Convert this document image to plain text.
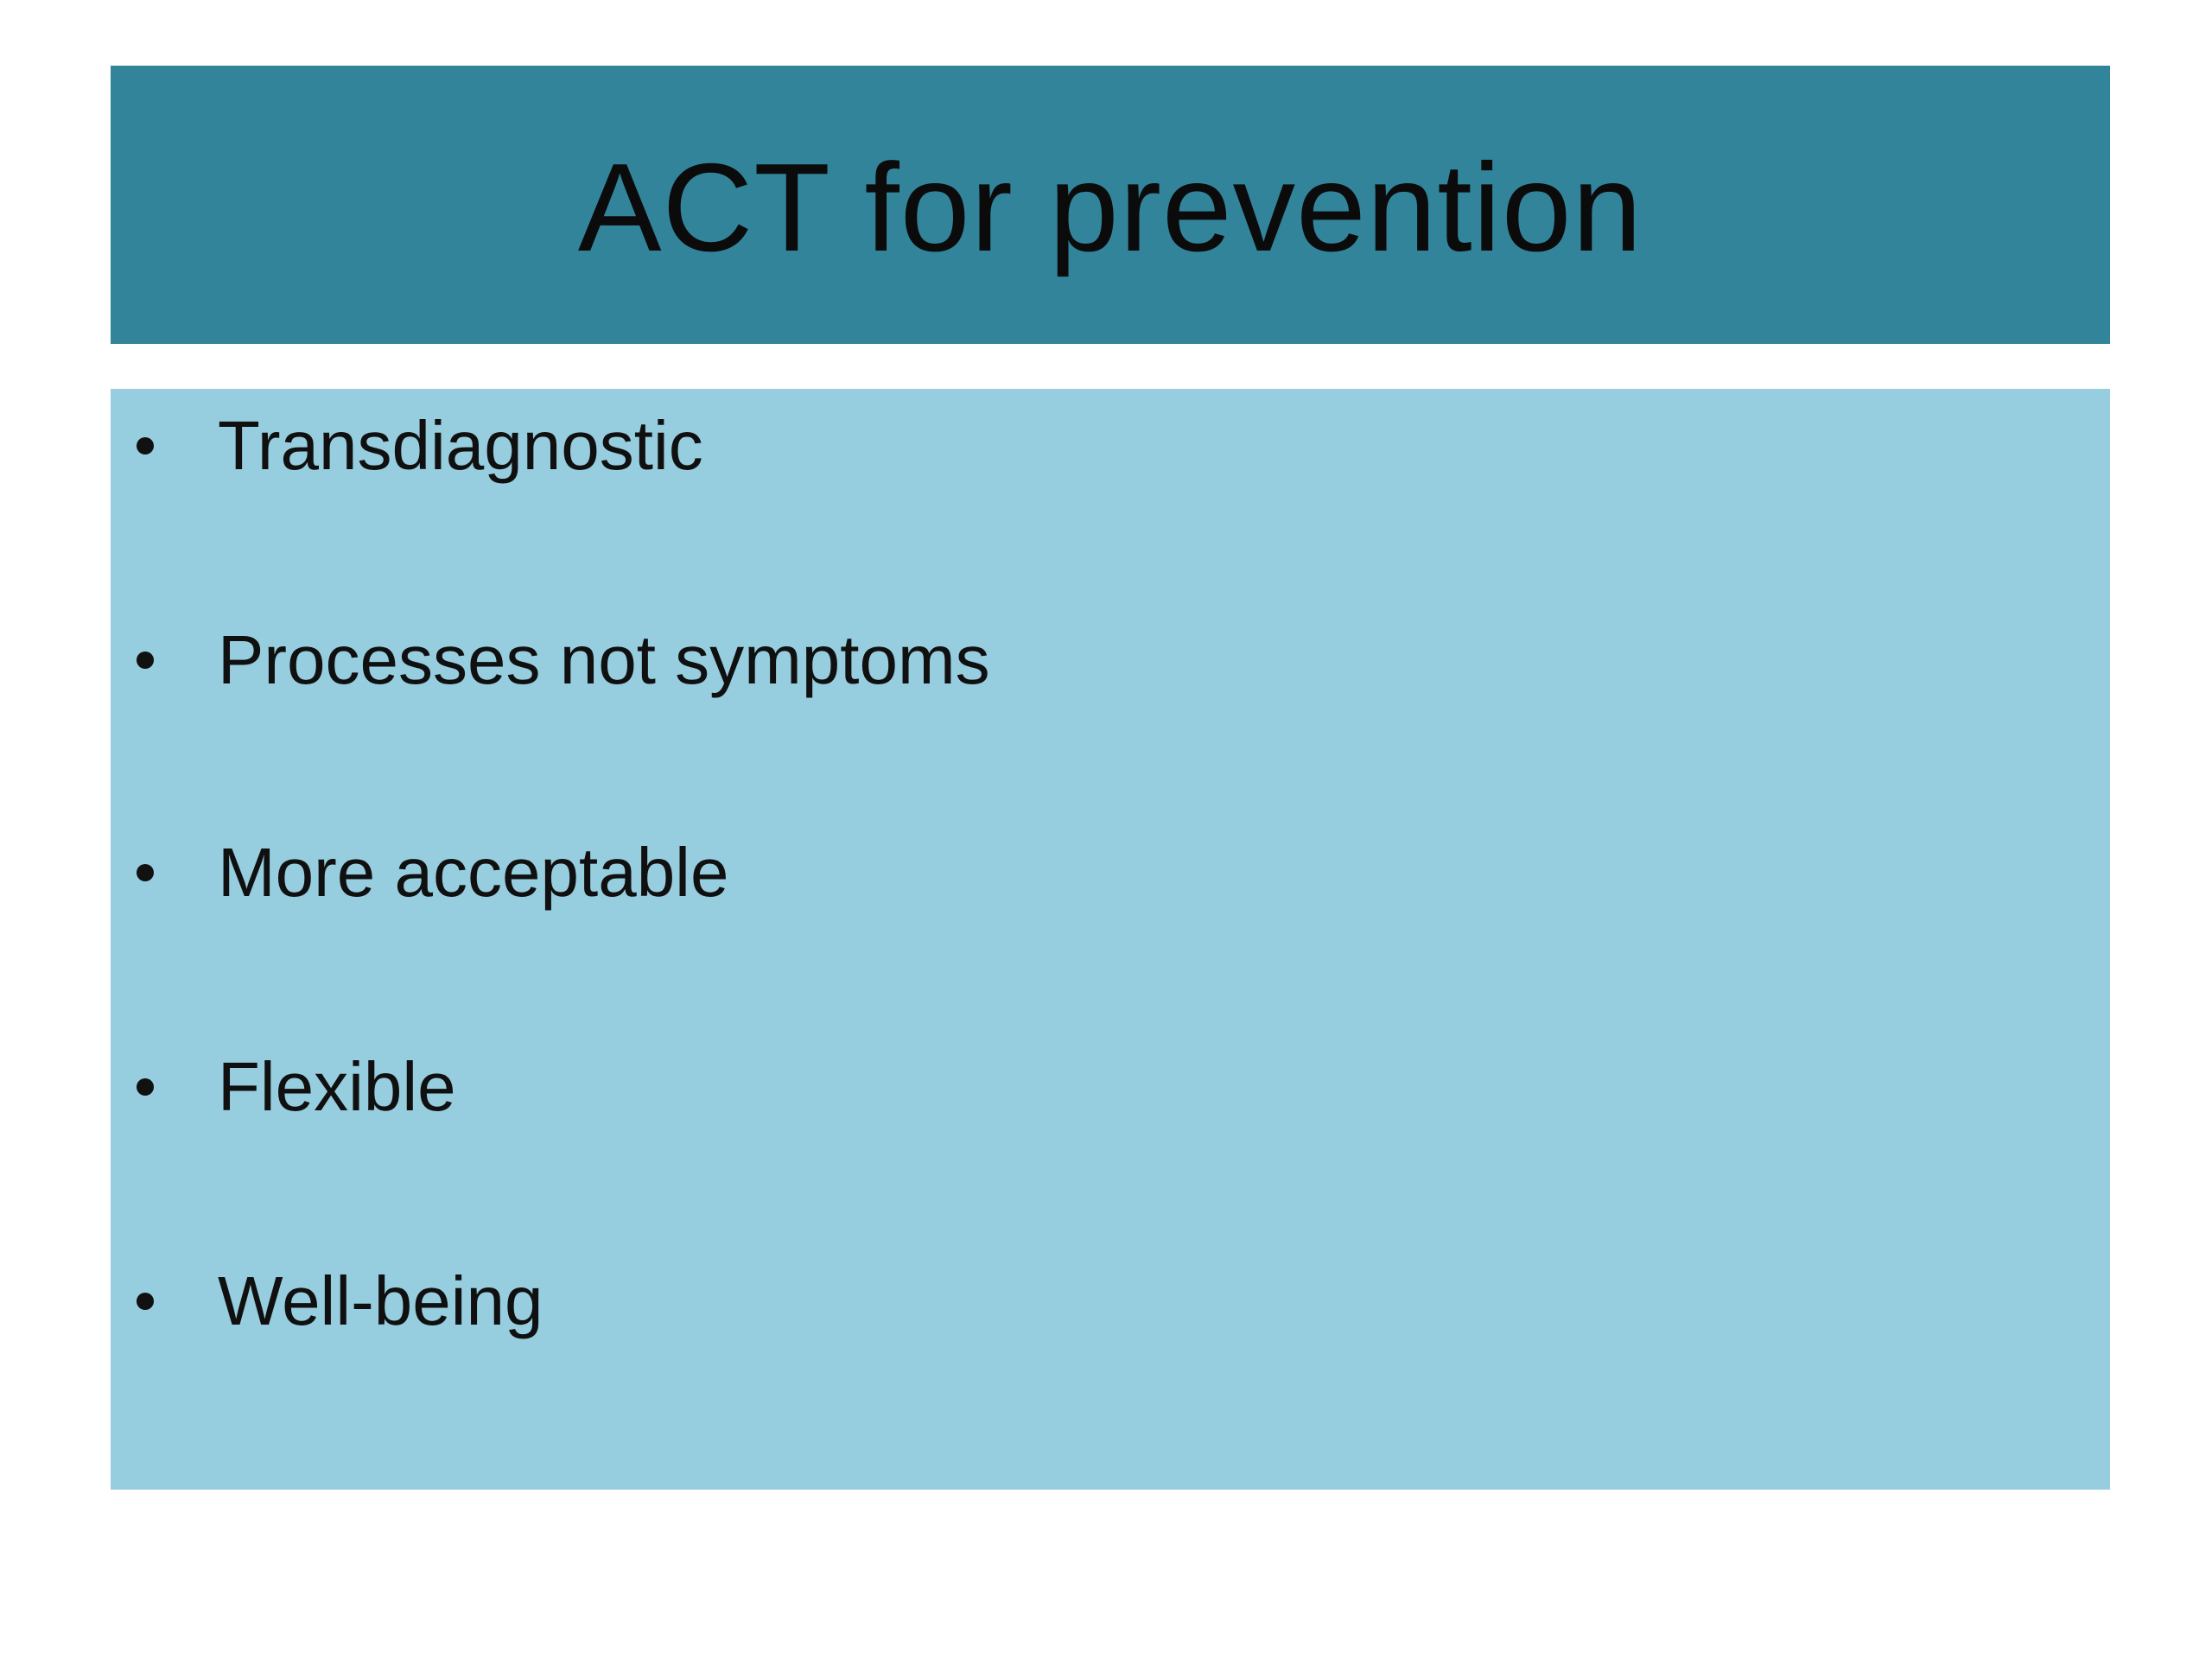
ACT for prevention
Transdiagnostic
Processes not symptoms
More acceptable
Flexible
Well-being
